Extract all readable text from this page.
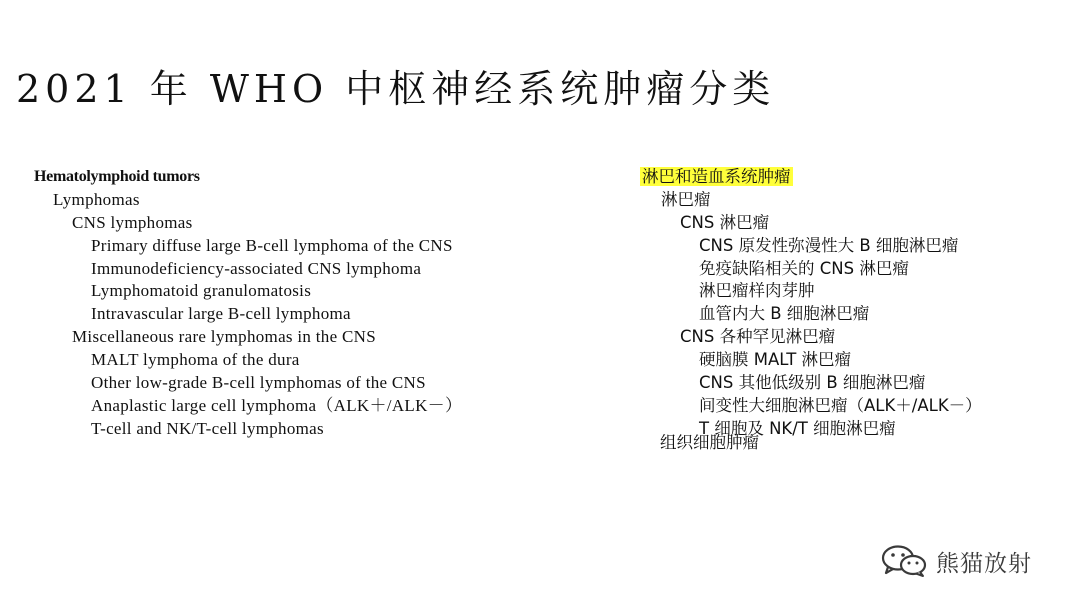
2021 年 WHO 中枢神经系统肿瘤分类
Hematolymphoid tumors
Lymphomas
CNS lymphomas
Primary diffuse large B-cell lymphoma of the CNS
Immunodeficiency-associated CNS lymphoma
Lymphomatoid granulomatosis
Intravascular large B-cell lymphoma
Miscellaneous rare lymphomas in the CNS
MALT lymphoma of the dura
Other low-grade B-cell lymphomas of the CNS
Anaplastic large cell lymphoma（ALK＋/ALK－）
T-cell and NK/T-cell lymphomas
淋巴和造血系统肿瘤
淋巴瘤
CNS 淋巴瘤
CNS 原发性弥漫性大 B 细胞淋巴瘤
免疫缺陷相关的 CNS 淋巴瘤
淋巴瘤样肉芽肿
血管内大 B 细胞淋巴瘤
CNS 各种罕见淋巴瘤
硬脑膜 MALT 淋巴瘤
CNS 其他低级别 B 细胞淋巴瘤
间变性大细胞淋巴瘤（ALK＋/ALK－）
T 细胞及 NK/T 细胞淋巴瘤
组织细胞肿瘤
熊猫放射
